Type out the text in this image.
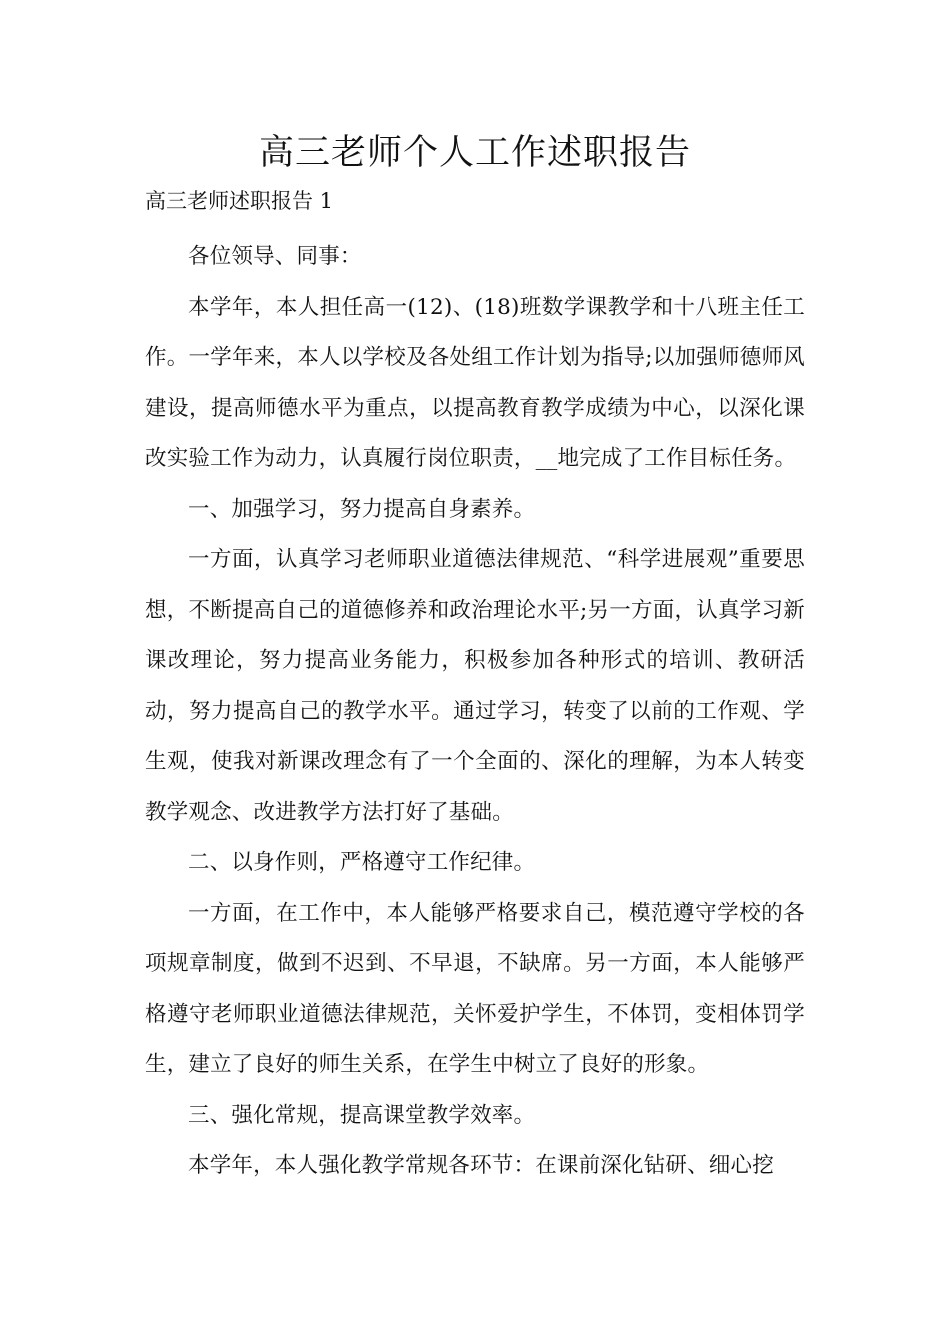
高三老师个人工作述职报告

高三老师述职报告 1

各位领导、同事：

本学年，本人担任高一(12)、(18)班数学课教学和十八班主任工作。一学年来，本人以学校及各处组工作计划为指导;以加强师德师风建设，提高师德水平为重点，以提高教育教学成绩为中心，以深化课改实验工作为动力，认真履行岗位职责，__地完成了工作目标任务。

一、加强学习，努力提高自身素养。

一方面，认真学习老师职业道德法律规范、“科学进展观”重要思想，不断提高自己的道德修养和政治理论水平;另一方面，认真学习新课改理论，努力提高业务能力，积极参加各种形式的培训、教研活动，努力提高自己的教学水平。通过学习，转变了以前的工作观、学生观，使我对新课改理念有了一个全面的、深化的理解，为本人转变教学观念、改进教学方法打好了基础。

二、以身作则，严格遵守工作纪律。

一方面，在工作中，本人能够严格要求自己，模范遵守学校的各项规章制度，做到不迟到、不早退，不缺席。另一方面，本人能够严格遵守老师职业道德法律规范，关怀爱护学生，不体罚，变相体罚学生，建立了良好的师生关系，在学生中树立了良好的形象。

三、强化常规，提高课堂教学效率。

本学年，本人强化教学常规各环节：在课前深化钻研、细心挖
